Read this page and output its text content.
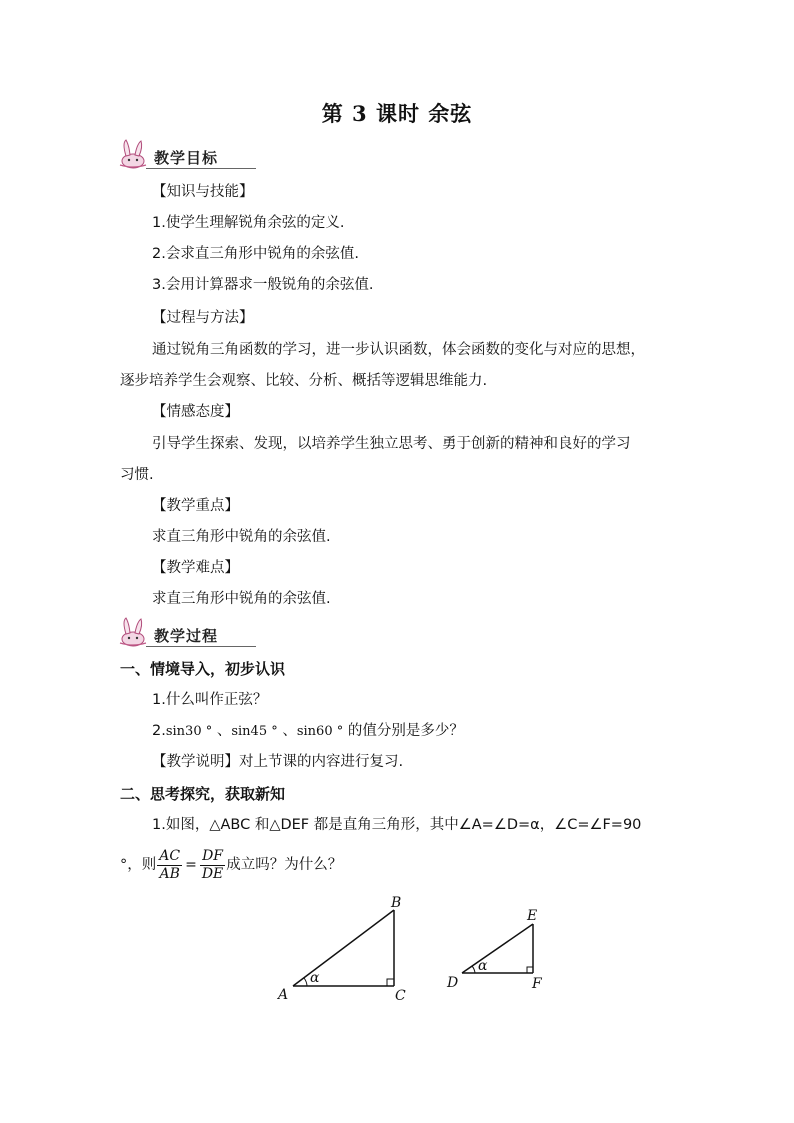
第 3 课时 余弦
教学目标
【知识与技能】
1.使学生理解锐角余弦的定义.
2.会求直三角形中锐角的余弦值.
3.会用计算器求一般锐角的余弦值.
【过程与方法】
通过锐角三角函数的学习，进一步认识函数，体会函数的变化与对应的思想，
逐步培养学生会观察、比较、分析、概括等逻辑思维能力.
【情感态度】
引导学生探索、发现，以培养学生独立思考、勇于创新的精神和良好的学习
习惯.
【教学重点】
求直三角形中锐角的余弦值.
【教学难点】
求直三角形中锐角的余弦值.
教学过程
一、情境导入，初步认识
1.什么叫作正弦？
2.sin30 ° 、sin45 ° 、sin60 ° 的值分别是多少？
【教学说明】对上节课的内容进行复习.
二、思考探究，获取新知
1.如图，△ABC 和△DEF 都是直角三角形，其中∠A=∠D=α，∠C=∠F=90
°，则 $\frac{AC}{AB} = \frac{DF}{DE}$ 成立吗？为什么？
A
B
C
α	D
E
F
α
